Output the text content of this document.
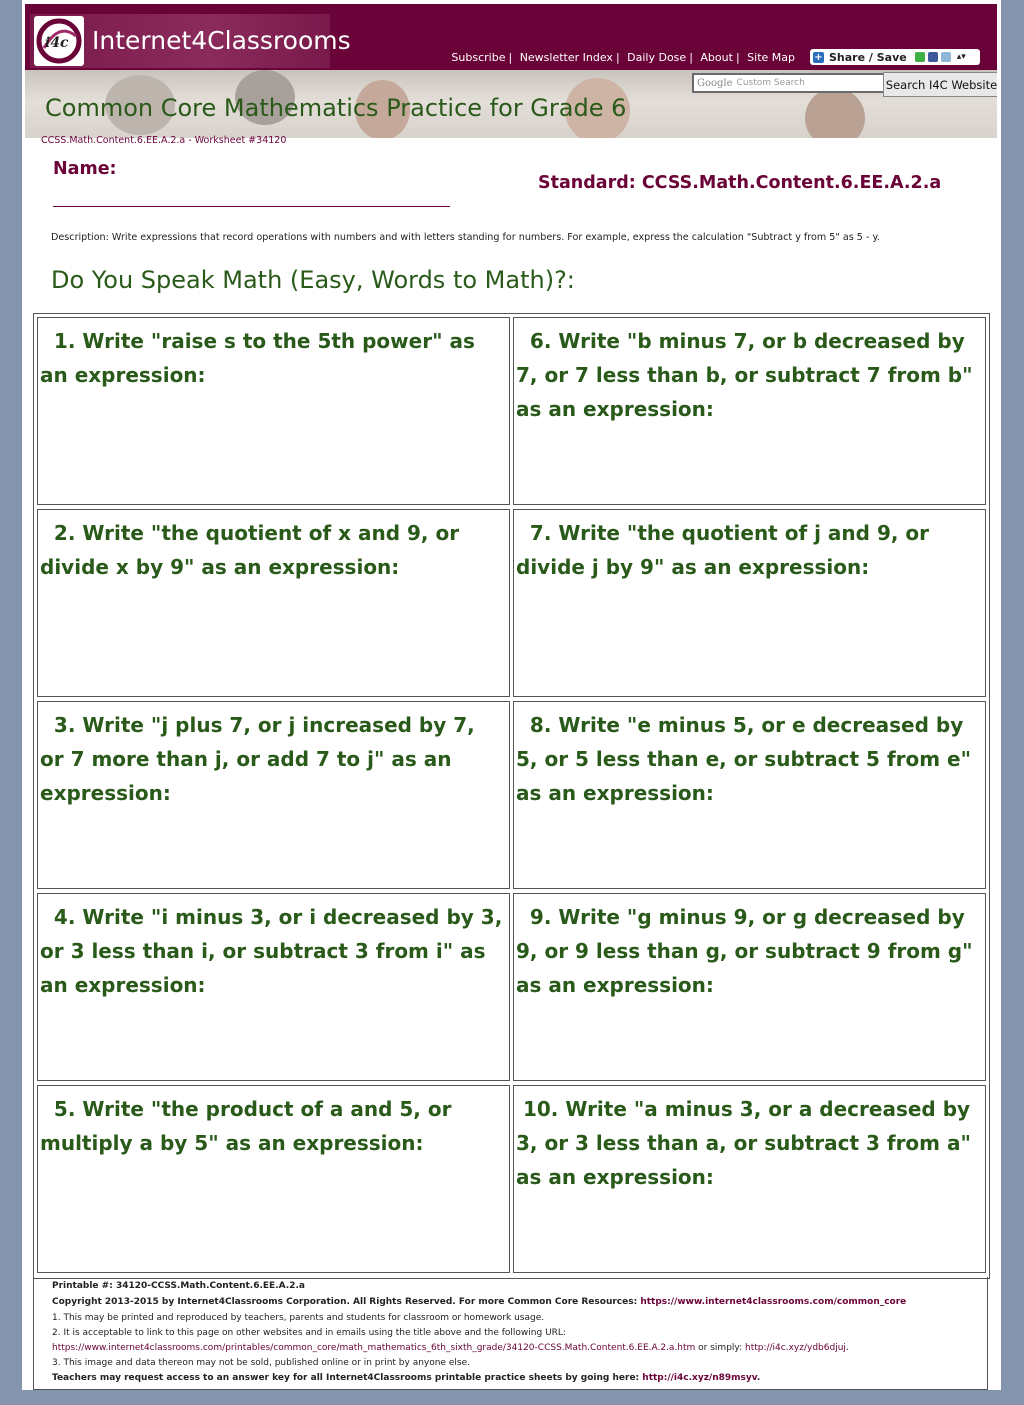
i4c Internet4Classrooms
Subscribe | Newsletter Index | Daily Dose | About | Site Map + Share / Save	▴▾
Google Custom Search	Search I4C Website
Common Core Mathematics Practice for Grade 6
CCSS.Math.Content.6.EE.A.2.a - Worksheet #34120
Name:
Standard: CCSS.Math.Content.6.EE.A.2.a
Description: Write expressions that record operations with numbers and with letters standing for numbers. For example, express the calculation "Subtract y from 5" as 5 - y.
Do You Speak Math (Easy, Words to Math)?:
1. Write "raise s to the 5th power" as an expression:
2. Write "the quotient of x and 9, or divide x by 9" as an expression:
3. Write "j plus 7, or j increased by 7, or 7 more than j, or add 7 to j" as an expression:
4. Write "i minus 3, or i decreased by 3, or 3 less than i, or subtract 3 from i" as an expression:
5. Write "the product of a and 5, or multiply a by 5" as an expression:
6. Write "b minus 7, or b decreased by 7, or 7 less than b, or subtract 7 from b" as an expression:
7. Write "the quotient of j and 9, or divide j by 9" as an expression:
8. Write "e minus 5, or e decreased by 5, or 5 less than e, or subtract 5 from e" as an expression:
9. Write "g minus 9, or g decreased by 9, or 9 less than g, or subtract 9 from g" as an expression:
10. Write "a minus 3, or a decreased by 3, or 3 less than a, or subtract 3 from a" as an expression:
Printable #: 34120-CCSS.Math.Content.6.EE.A.2.a
Copyright 2013-2015 by Internet4Classrooms Corporation. All Rights Reserved. For more Common Core Resources: https://www.internet4classrooms.com/common_core
1. This may be printed and reproduced by teachers, parents and students for classroom or homework usage.
2. It is acceptable to link to this page on other websites and in emails using the title above and the following URL:
https://www.internet4classrooms.com/printables/common_core/math_mathematics_6th_sixth_grade/34120-CCSS.Math.Content.6.EE.A.2.a.htm or simply: http://i4c.xyz/ydb6djuj.
3. This image and data thereon may not be sold, published online or in print by anyone else.
Teachers may request access to an answer key for all Internet4Classrooms printable practice sheets by going here: http://i4c.xyz/n89msyv.
